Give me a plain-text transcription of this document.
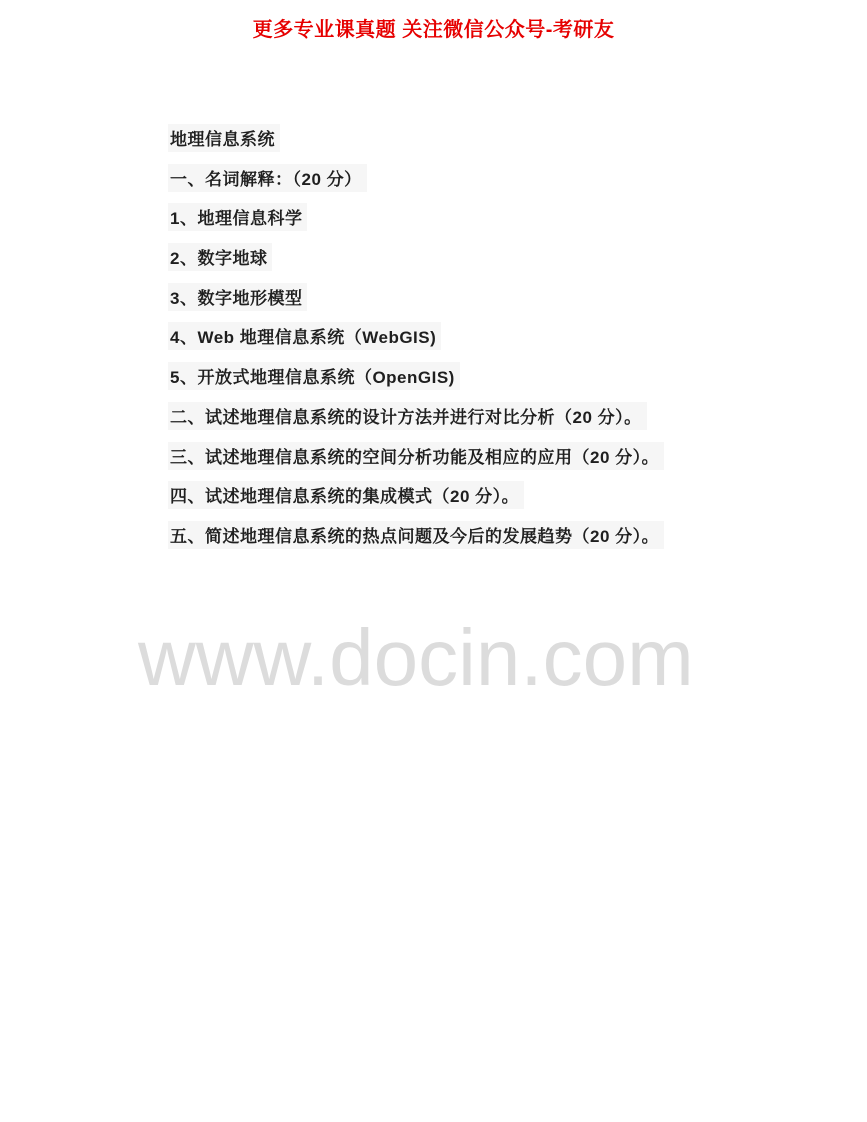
更多专业课真题 关注微信公众号-考研友
地理信息系统
一、名词解释：（20 分）
1、地理信息科学
2、数字地球
3、数字地形模型
4、Web 地理信息系统（WebGIS)
5、开放式地理信息系统（OpenGIS)
二、试述地理信息系统的设计方法并进行对比分析（20 分）。
三、试述地理信息系统的空间分析功能及相应的应用（20 分）。
四、试述地理信息系统的集成模式（20 分）。
五、简述地理信息系统的热点问题及今后的发展趋势（20 分）。
www.docin.com
